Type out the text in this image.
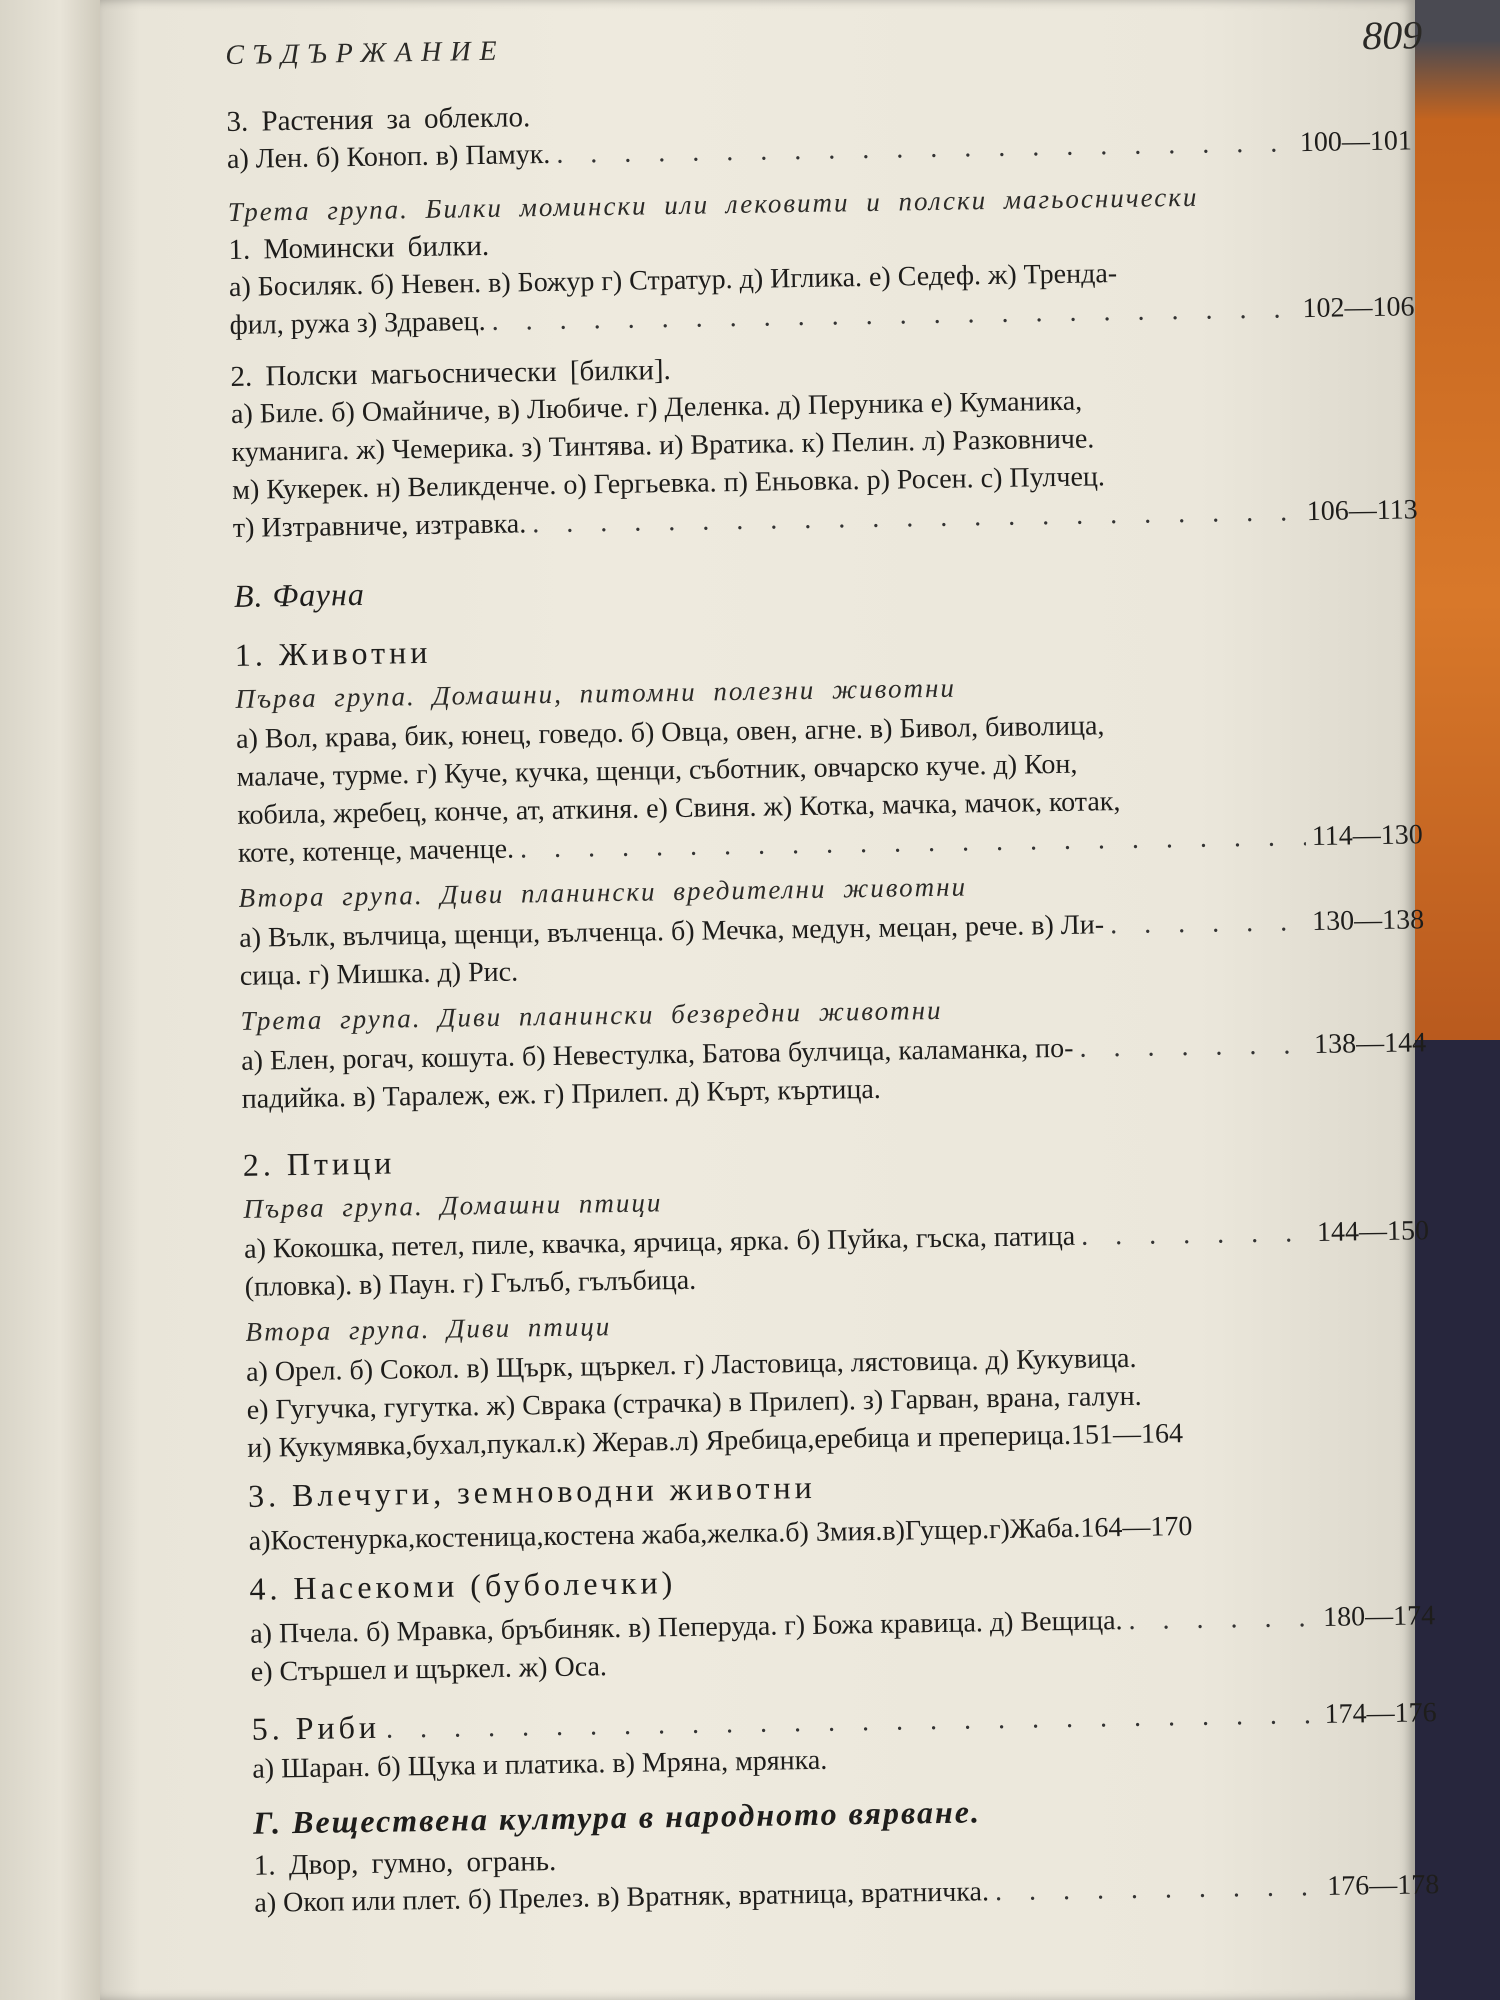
СЪДЪРЖАНИЕ	809
3. Растения за облекло.
а) Лен. б) Коноп. в) Памук. . . .	100—101
Трета група. Билки момински или лековити и полски магьоснически
1. Момински билки.
а) Босиляк. б) Невен. в) Божур г) Стратур. д) Иглика. е) Седеф. ж) Тренда-
фил, ружа з) Здравец. . . .	102—106
2. Полски магьоснически [билки].
а) Биле. б) Омайниче, в) Любиче. г) Деленка. д) Перуника е) Куманика,
куманига. ж) Чемерика. з) Тинтява. и) Вратика. к) Пелин. л) Разковниче.
м) Кукерек. н) Великденче. о) Гергьевка. п) Еньовка. р) Росен. с) Пулчец.
т) Изтравниче, изтравка. . . .	106—113
В. Фауна
1. Животни
Първа група. Домашни, питомни полезни животни
а) Вол, крава, бик, юнец, говедо. б) Овца, овен, агне. в) Бивол, биволица,
малаче, турме. г) Куче, кучка, щенци, съботник, овчарско куче. д) Кон,
кобила, жребец, конче, ат, аткиня. е) Свиня. ж) Котка, мачка, мачок, котак,
коте, котенце, маченце. . . .	114—130
Втора група. Диви планински вредителни животни
а) Вълк, вълчица, щенци, вълченца. б) Мечка, медун, мецан, рече. в) Ли- . . .	130—138
сица. г) Мишка. д) Рис.
Трета група. Диви планински безвредни животни
а) Елен, рогач, кошута. б) Невестулка, Батова булчица, каламанка, по- . . .	138—144
падийка. в) Таралеж, еж. г) Прилеп. д) Кърт, къртица.
2. Птици
Първа група. Домашни птици
а) Кокошка, петел, пиле, квачка, ярчица, ярка. б) Пуйка, гъска, патица . . .	144—150
(пловка). в) Паун. г) Гълъб, гълъбица.
Втора група. Диви птици
а) Орел. б) Сокол. в) Щърк, щъркел. г) Ластовица, лястовица. д) Кукувица.
е) Гугучка, гугутка. ж) Сврака (страчка) в Прилеп). з) Гарван, врана, галун.
и) Кукумявка,бухал,пукал.к) Жерав.л) Яребица,еребица и преперица.151—164
3. Влечуги, земноводни животни
а)Костенурка,костеница,костена жаба,желка.б) Змия.в)Гущер.г)Жаба.164—170
4. Насекоми (буболечки)
а) Пчела. б) Мравка, бръбиняк. в) Пеперуда. г) Божа кравица. д) Вещица. . . .	180—174
е) Стършел и щъркел. ж) Оса.
5. Риби . . .	174—176
а) Шаран. б) Щука и платика. в) Мряна, мрянка.
Г. Веществена култура в народното вярване.
1. Двор, гумно, огрань.
а) Окоп или плет. б) Прелез. в) Вратняк, вратница, вратничка. . . .	176—178
